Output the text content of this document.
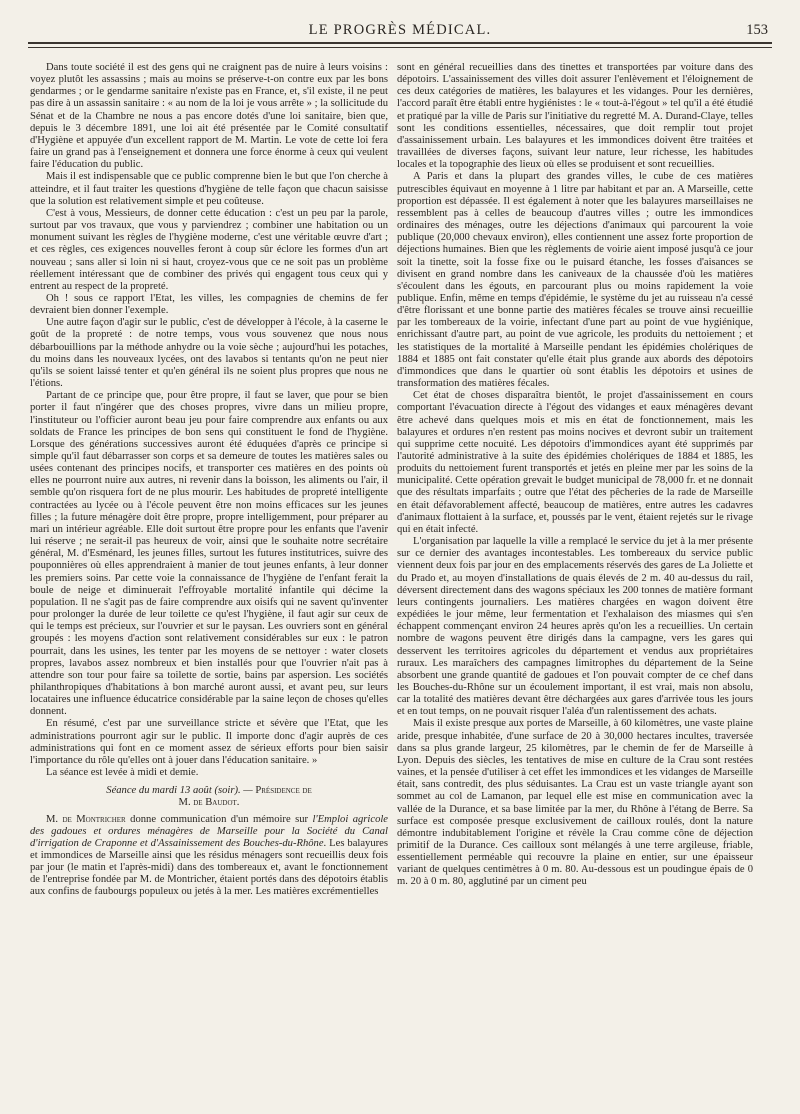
LE PROGRÈS MÉDICAL.	153

Dans toute société il est des gens qui ne craignent pas de nuire à leurs voisins : voyez plutôt les assassins ; mais au moins se préserve-t-on contre eux par les bons gendarmes ; or le gendarme sanitaire n'existe pas en France, et, s'il existe, il ne peut pas dire à un assassin sanitaire : « au nom de la loi je vous arrête » ; la sollicitude du Sénat et de la Chambre ne nous a pas encore dotés d'une loi sanitaire, bien que, depuis le 3 décembre 1891, une loi ait été présentée par le Comité consultatif d'Hygiène et appuyée d'un excellent rapport de M. Martin. Le vote de cette loi fera faire un grand pas à l'enseignement et donnera une force énorme à ceux qui veulent faire l'éducation du public.

Mais il est indispensable que ce public comprenne bien le but que l'on cherche à atteindre, et il faut traiter les questions d'hygiène de telle façon que chacun saisisse que la solution est relativement simple et peu coûteuse.

C'est à vous, Messieurs, de donner cette éducation : c'est un peu par la parole, surtout par vos travaux, que vous y parviendrez ; combiner une habitation ou un monument suivant les règles de l'hygiène moderne, c'est une véritable œuvre d'art ; et ces règles, ces exigences nouvelles feront à coup sûr éclore les formes d'un art nouveau ; sans aller si loin ni si haut, croyez-vous que ce ne soit pas un problème réellement intéressant que de combiner des privés qui engagent tous ceux qui y entrent au respect de la propreté.

Oh ! sous ce rapport l'Etat, les villes, les compagnies de chemins de fer devraient bien donner l'exemple.

Une autre façon d'agir sur le public, c'est de développer à l'école, à la caserne le goût de la propreté : de notre temps, vous vous souvenez que nous nous débarbouillions par la méthode anhydre ou la voie sèche ; aujourd'hui les potaches, du moins dans les nouveaux lycées, ont des lavabos si tentants qu'on ne peut nier qu'ils se soient laissé tenter et qu'en général ils ne soient plus propres que nous ne l'étions.

Partant de ce principe que, pour être propre, il faut se laver, que pour se bien porter il faut n'ingérer que des choses propres, vivre dans un milieu propre, l'instituteur ou l'officier auront beau jeu pour faire comprendre aux enfants ou aux soldats de France les principes de bon sens qui constituent le fond de l'hygiène. Lorsque des générations successives auront été éduquées d'après ce principe si simple qu'il faut débarrasser son corps et sa demeure de toutes les matières sales ou usées contenant des principes nocifs, et transporter ces matières en des points où elles ne pourront nuire aux autres, ni revenir dans la boisson, les aliments ou l'air, il semble qu'on risquera fort de ne plus mourir. Les habitudes de propreté intelligente contractées au lycée ou à l'école peuvent être non moins efficaces sur les jeunes filles ; la future ménagère doit être propre, propre intelligemment, pour préparer au mari un intérieur agréable. Elle doit surtout être propre pour les enfants que l'avenir lui réserve ; ne serait-il pas heureux de voir, ainsi que le souhaite notre secrétaire général, M. d'Esménard, les jeunes filles, surtout les futures institutrices, suivre des pouponnières où elles apprendraient à manier de tout jeunes enfants, à leur donner les premiers soins. Par cette voie la connaissance de l'hygiène de l'enfant ferait la boule de neige et diminuerait l'effroyable mortalité infantile qui décime la population. Il ne s'agit pas de faire comprendre aux oisifs qui ne savent qu'inventer pour prolonger la durée de leur toilette ce qu'est l'hygiène, il faut agir sur ceux de qui le temps est précieux, sur l'ouvrier et sur le paysan. Les ouvriers sont en général groupés : les moyens d'action sont relativement considérables sur eux : le patron pourrait, dans les usines, les tenter par les moyens de se nettoyer : water closets propres, lavabos assez nombreux et bien installés pour que l'ouvrier n'ait pas à attendre son tour pour faire sa toilette de sortie, bains par aspersion. Les sociétés philanthropiques d'habitations à bon marché auront aussi, et avant peu, sur leurs locataires une influence éducatrice considérable par la saine leçon de choses qu'elles donnent.

En résumé, c'est par une surveillance stricte et sévère que l'Etat, que les administrations pourront agir sur le public. Il importe donc d'agir auprès de ces administrations qui font en ce moment assez de sérieux efforts pour bien saisir l'importance du rôle qu'elles ont à jouer dans l'éducation sanitaire. »

La séance est levée à midi et demie.

Séance du mardi 13 août (soir). — Présidence de

M. de Baudot.

M. de Montricher donne communication d'un mémoire sur l'Emploi agricole des gadoues et ordures ménagères de Marseille pour la Société du Canal d'irrigation de Craponne et d'Assainissement des Bouches-du-Rhône. Les balayures et immondices de Marseille ainsi que les résidus ménagers sont recueillis deux fois par jour (le matin et l'après-midi) dans des tombereaux et, avant le fonctionnement de l'entreprise fondée par M. de Montricher, étaient portés dans des dépotoirs établis aux confins de faubourgs populeux ou jetés à la mer. Les matières excrémentielles

sont en général recueillies dans des tinettes et transportées par voiture dans des dépotoirs. L'assainissement des villes doit assurer l'enlèvement et l'éloignement de ces deux catégories de matières, les balayures et les vidanges. Pour les dernières, l'accord paraît être établi entre hygiénistes : le « tout-à-l'égout » tel qu'il a été étudié et pratiqué par la ville de Paris sur l'initiative du regretté M. A. Durand-Claye, telles sont les conditions essentielles, nécessaires, que doit remplir tout projet d'assainissement urbain. Les balayures et les immondices doivent être traitées et travaillées de diverses façons, suivant leur nature, leur richesse, les habitudes locales et la topographie des lieux où elles se produisent et sont recueillies.

A Paris et dans la plupart des grandes villes, le cube de ces matières putrescibles équivaut en moyenne à 1 litre par habitant et par an. A Marseille, cette proportion est dépassée. Il est également à noter que les balayures marseillaises ne ressemblent pas à celles de beaucoup d'autres villes ; outre les immondices ordinaires des ménages, outre les déjections d'animaux qui parcourent la voie publique (20,000 chevaux environ), elles contiennent une assez forte proportion de déjections humaines. Bien que les règlements de voirie aient imposé jusqu'à ce jour soit la tinette, soit la fosse fixe ou le puisard étanche, les fosses d'aisances se divisent en grand nombre dans les caniveaux de la chaussée d'où les matières s'écoulent dans les égouts, en parcourant plus ou moins rapidement la voie publique. Enfin, même en temps d'épidémie, le système du jet au ruisseau n'a cessé d'être florissant et une bonne partie des matières fécales se trouve ainsi recueillie par les tombereaux de la voirie, infectant d'une part au point de vue hygiénique, enrichissant d'autre part, au point de vue agricole, les produits du nettoiement ; et les statistiques de la mortalité à Marseille pendant les épidémies cholériques de 1884 et 1885 ont fait constater qu'elle était plus grande aux abords des dépotoirs d'immondices que dans le quartier où sont établis les dépotoirs et usines de transformation des matières fécales.

Cet état de choses disparaîtra bientôt, le projet d'assainissement en cours comportant l'évacuation directe à l'égout des vidanges et eaux ménagères devant être achevé dans quelques mois et mis en état de fonctionnement, mais les balayures et ordures n'en restent pas moins nocives et devront subir un traitement qui supprime cette nocuité. Les dépotoirs d'immondices ayant été supprimés par l'autorité administrative à la suite des épidémies cholériques de 1884 et 1885, les produits du nettoiement furent transportés et jetés en pleine mer par les soins de la municipalité. Cette opération grevait le budget municipal de 78,000 fr. et ne donnait que des résultats imparfaits ; outre que l'état des pêcheries de la rade de Marseille en était défavorablement affecté, beaucoup de matières, entre autres les cadavres d'animaux flottaient à la surface, et, poussés par le vent, étaient rejetés sur le rivage qui en était infecté.

L'organisation par laquelle la ville a remplacé le service du jet à la mer présente sur ce dernier des avantages incontestables. Les tombereaux du service public viennent deux fois par jour en des emplacements réservés des gares de La Joliette et du Prado et, au moyen d'installations de quais élevés de 2 m. 40 au-dessus du rail, déversent directement dans des wagons spéciaux les 200 tonnes de matière formant leurs contingents journaliers. Les matières chargées en wagon doivent être expédiées le jour même, leur fermentation et l'exhalaison des miasmes qui s'en échappent commençant environ 24 heures après qu'on les a recueillies. Un certain nombre de wagons peuvent être dirigés dans la campagne, vers les gares qui desservent les territoires agricoles du département et vendus aux propriétaires ruraux. Les maraîchers des campagnes limitrophes du département de la Seine absorbent une grande quantité de gadoues et l'on pouvait compter de ce chef dans les Bouches-du-Rhône sur un écoulement important, il est vrai, mais non absolu, car la totalité des matières devant être déchargées aux gares d'arrivée tous les jours et en tout temps, on ne pouvait risquer l'aléa d'un ralentissement des achats.

Mais il existe presque aux portes de Marseille, à 60 kilomètres, une vaste plaine aride, presque inhabitée, d'une surface de 20 à 30,000 hectares incultes, traversée dans sa plus grande largeur, 25 kilomètres, par le chemin de fer de Marseille à Lyon. Depuis des siècles, les tentatives de mise en culture de la Crau sont restées vaines, et la pensée d'utiliser à cet effet les immondices et les vidanges de Marseille était, sans contredit, des plus séduisantes. La Crau est un vaste triangle ayant son sommet au col de Lamanon, par lequel elle est mise en communication avec la vallée de la Durance, et sa base limitée par la mer, du Rhône à l'étang de Berre. Sa surface est composée presque exclusivement de cailloux roulés, dont la nature démontre indubitablement l'origine et révèle la Crau comme cône de déjection primitif de la Durance. Ces cailloux sont mélangés à une terre argileuse, friable, essentiellement perméable qui recouvre la plaine en entier, sur une épaisseur variant de quelques centimètres à 0 m. 80. Au-dessous est un poudingue épais de 0 m. 20 à 0 m. 80, agglutiné par un ciment peu
